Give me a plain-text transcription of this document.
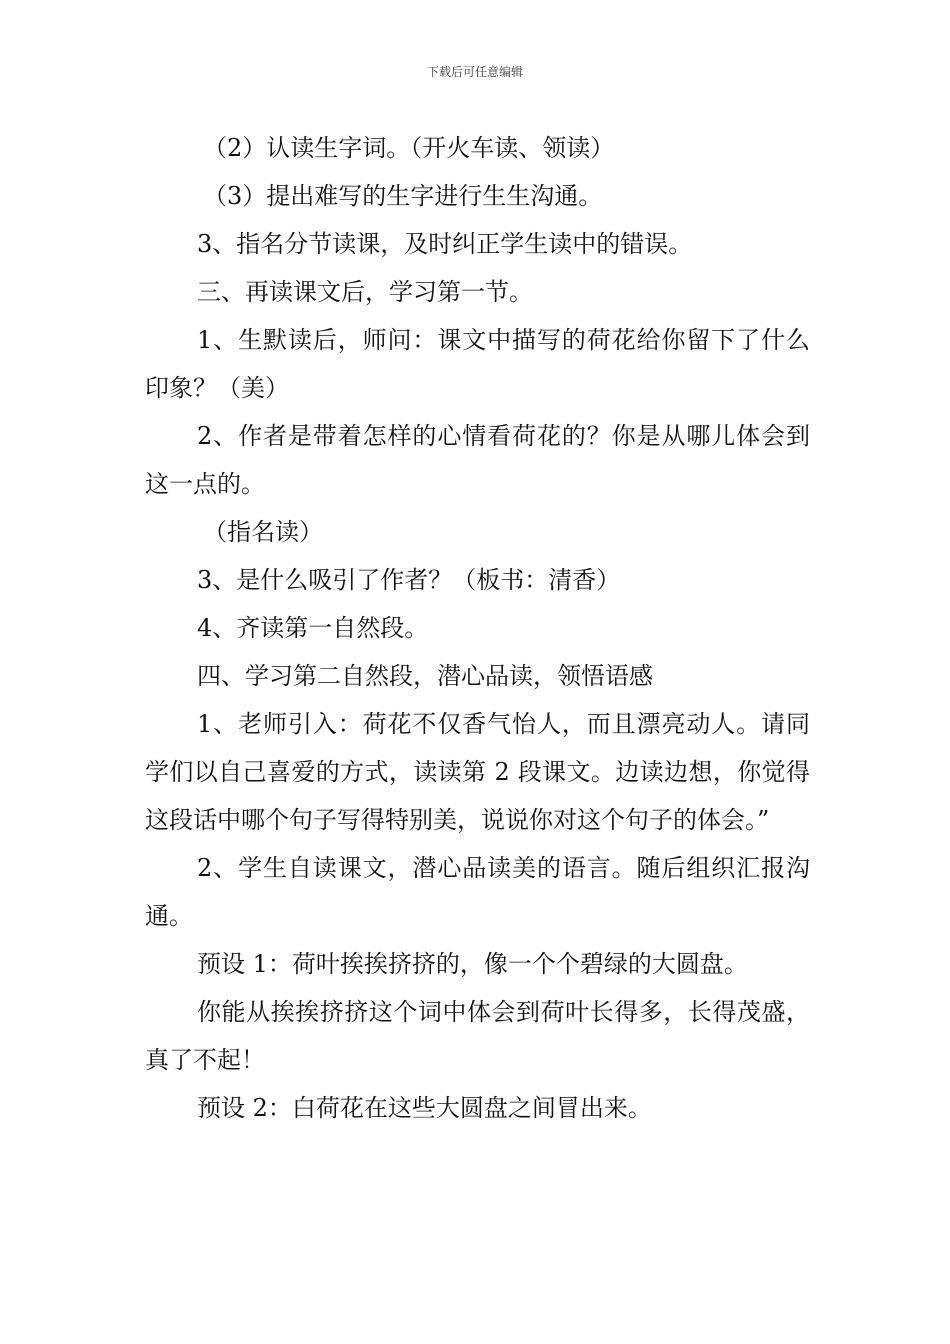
下载后可任意编辑

（2）认读生字词。（开火车读、领读）

（3）提出难写的生字进行生生沟通。

3、指名分节读课，及时纠正学生读中的错误。

三、再读课文后，学习第一节。

1、生默读后，师问：课文中描写的荷花给你留下了什么印象？（美）

2、作者是带着怎样的心情看荷花的？你是从哪儿体会到这一点的。

（指名读）

3、是什么吸引了作者？（板书：清香）

4、齐读第一自然段。

四、学习第二自然段，潜心品读，领悟语感

1、老师引入：荷花不仅香气怡人，而且漂亮动人。请同学们以自己喜爱的方式，读读第 2 段课文。边读边想，你觉得这段话中哪个句子写得特别美，说说你对这个句子的体会。”

2、学生自读课文，潜心品读美的语言。随后组织汇报沟通。

预设 1：荷叶挨挨挤挤的，像一个个碧绿的大圆盘。

你能从挨挨挤挤这个词中体会到荷叶长得多，长得茂盛，真了不起！

预设 2：白荷花在这些大圆盘之间冒出来。
